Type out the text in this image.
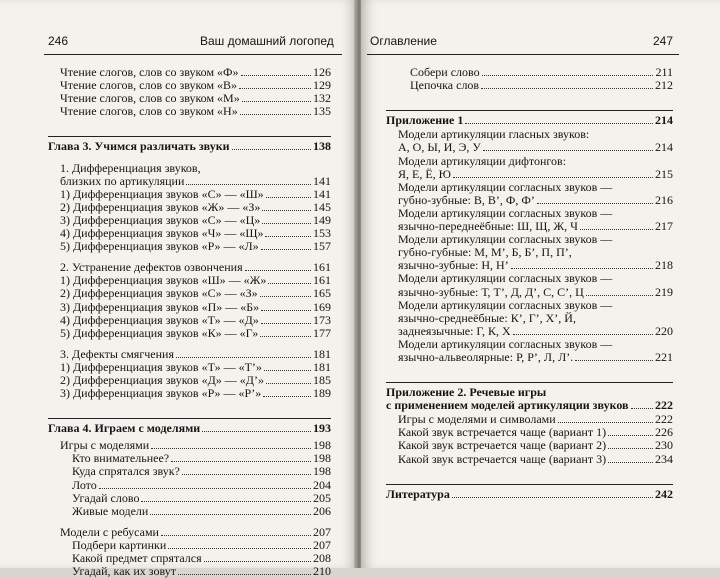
246	Ваш домашний логопед
Чтение слогов, слов со звуком «Ф»	126
Чтение слогов, слов со звуком «В»	129
Чтение слогов, слов со звуком «М»	132
Чтение слогов, слов со звуком «Н»	135
Глава 3. Учимся различать звуки	138
1. Дифференциация звуков,
близких по артикуляции	141
1) Дифференциация звуков «С» — «Ш»	141
2) Дифференциация звуков «Ж» — «З»	145
3) Дифференциация звуков «С» — «Ц»	149
4) Дифференциация звуков «Ч» — «Щ»	153
5) Дифференциация звуков «Р» — «Л»	157
2. Устранение дефектов озвончения	161
1) Дифференциация звуков «Ш» — «Ж»	161
2) Дифференциация звуков «С» — «З»	165
3) Дифференциация звуков «П» — «Б»	169
4) Дифференциация звуков «Т» — «Д»	173
5) Дифференциация звуков «К» — «Г»	177
3. Дефекты смягчения	181
1) Дифференциация звуков «Т» — «Т’»	181
2) Дифференциация звуков «Д» — «Д’»	185
3) Дифференциация звуков «Р» — «Р’»	189
Глава 4. Играем с моделями	193
Игры с моделями	198
Кто внимательнее?	198
Куда спрятался звук?	198
Лото	204
Угадай слово	205
Живые модели	206
Модели с ребусами	207
Подбери картинки	207
Какой предмет спрятался	208
Угадай, как их зовут	210
Оглавление	247
Собери слово	211
Цепочка слов	212
Приложение 1	214
Модели артикуляции гласных звуков:
А, О, Ы, И, Э, У	214
Модели артикуляции дифтонгов:
Я, Е, Ё, Ю	215
Модели артикуляции согласных звуков —
губно-зубные: В, В’, Ф, Ф’	216
Модели артикуляции согласных звуков —
язычно-переднеёбные: Ш, Щ, Ж, Ч	217
Модели артикуляции согласных звуков —
губно-губные: М, М’, Б, Б’, П, П’,
язычно-зубные: Н, Н’	218
Модели артикуляции согласных звуков —
язычно-зубные: Т, Т’, Д, Д’, С, С’, Ц	219
Модели артикуляции согласных звуков —
язычно-среднеёбные: К’, Г’, Х’, Й,
заднеязычные: Г, К, Х	220
Модели артикуляции согласных звуков —
язычно-альвеолярные: Р, Р’, Л, Л’.	221
Приложение 2. Речевые игры
с применением моделей артикуляции звуков 222
Игры с моделями и символами	222
Какой звук встречается чаще (вариант 1)	226
Какой звук встречается чаще (вариант 2)	230
Какой звук встречается чаще (вариант 3)	234
Литература	242
